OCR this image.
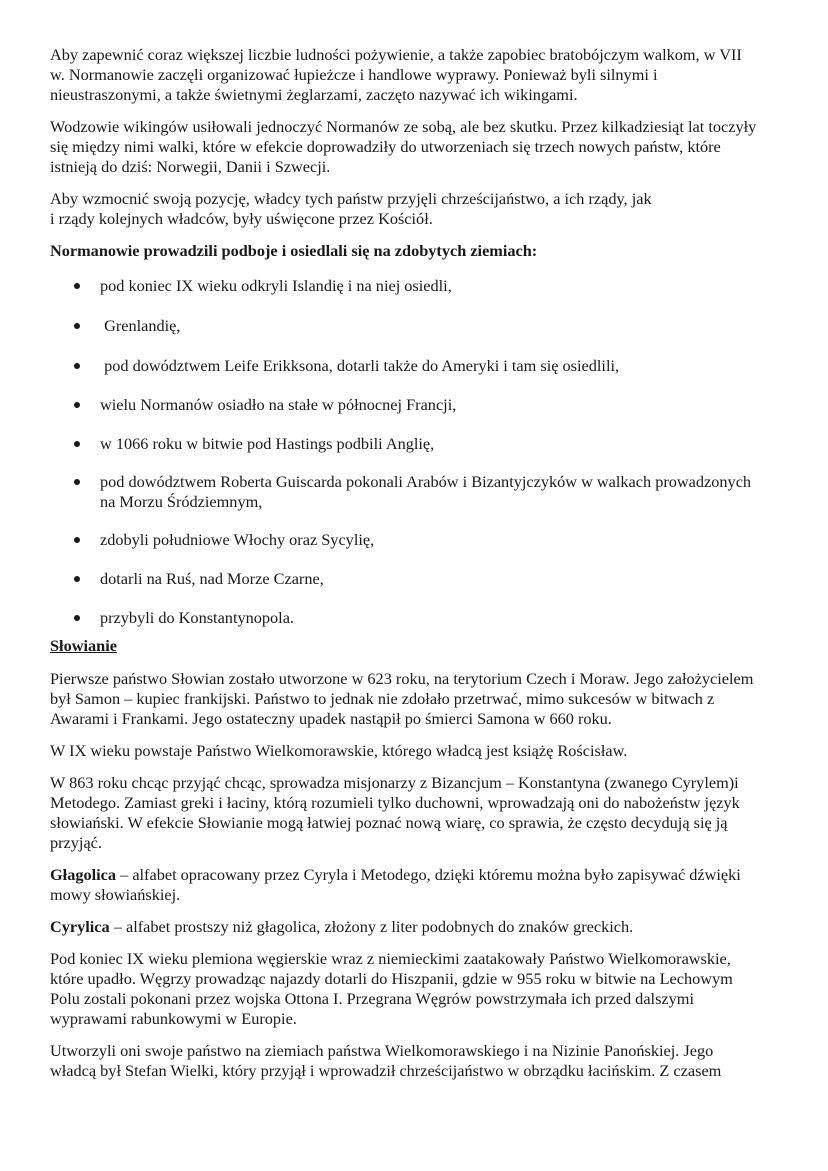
Aby zapewnić coraz większej liczbie ludności pożywienie, a także zapobiec bratobójczym walkom, w VII
w. Normanowie zaczęli organizować łupieżcze i handlowe wyprawy. Ponieważ byli silnymi i
nieustraszonymi, a także świetnymi żeglarzami, zaczęto nazywać ich wikingami.

Wodzowie wikingów usiłowali jednoczyć Normanów ze sobą, ale bez skutku. Przez kilkadziesiąt lat toczyły
się między nimi walki, które w efekcie doprowadziły do utworzeniach się trzech nowych państw, które
istnieją do dziś: Norwegii, Danii i Szwecji.

Aby wzmocnić swoją pozycję, władcy tych państw przyjęli chrześcijaństwo, a ich rządy, jak
i rządy kolejnych władców, były uświęcone przez Kościół.

Normanowie prowadzili podboje i osiedlali się na zdobytych ziemiach:

pod koniec IX wieku odkryli Islandię i na niej osiedli,
Grenlandię,
pod dowództwem Leife Erikksona, dotarli także do Ameryki i tam się osiedlili,
wielu Normanów osiadło na stałe w północnej Francji,
w 1066 roku w bitwie pod Hastings podbili Anglię,
pod dowództwem Roberta Guiscarda pokonali Arabów i Bizantyjczyków w walkach prowadzonych
na Morzu Śródziemnym,
zdobyli południowe Włochy oraz Sycylię,
dotarli na Ruś, nad Morze Czarne,
przybyli do Konstantynopola.

Słowianie

Pierwsze państwo Słowian zostało utworzone w 623 roku, na terytorium Czech i Moraw. Jego założycielem
był Samon – kupiec frankijski. Państwo to jednak nie zdołało przetrwać, mimo sukcesów w bitwach z
Awarami i Frankami. Jego ostateczny upadek nastąpił po śmierci Samona w 660 roku.

W IX wieku powstaje Państwo Wielkomorawskie, którego władcą jest książę Rościsław.

W 863 roku chcąc przyjąć chcąc, sprowadza misjonarzy z Bizancjum – Konstantyna (zwanego Cyrylem)i
Metodego. Zamiast greki i łaciny, którą rozumieli tylko duchowni, wprowadzają oni do nabożeństw język
słowiański. W efekcie Słowianie mogą łatwiej poznać nową wiarę, co sprawia, że często decydują się ją
przyjąć.

Głagolica – alfabet opracowany przez Cyryla i Metodego, dzięki któremu można było zapisywać dźwięki
mowy słowiańskiej.

Cyrylica – alfabet prostszy niż głagolica, złożony z liter podobnych do znaków greckich.

Pod koniec IX wieku plemiona węgierskie wraz z niemieckimi zaatakowały Państwo Wielkomorawskie,
które upadło. Węgrzy prowadząc najazdy dotarli do Hiszpanii, gdzie w 955 roku w bitwie na Lechowym
Polu zostali pokonani przez wojska Ottona I. Przegrana Węgrów powstrzymała ich przed dalszymi
wyprawami rabunkowymi w Europie.

Utworzyli oni swoje państwo na ziemiach państwa Wielkomorawskiego i na Nizinie Panońskiej. Jego
władcą był Stefan Wielki, który przyjął i wprowadził chrześcijaństwo w obrządku łacińskim. Z czasem
